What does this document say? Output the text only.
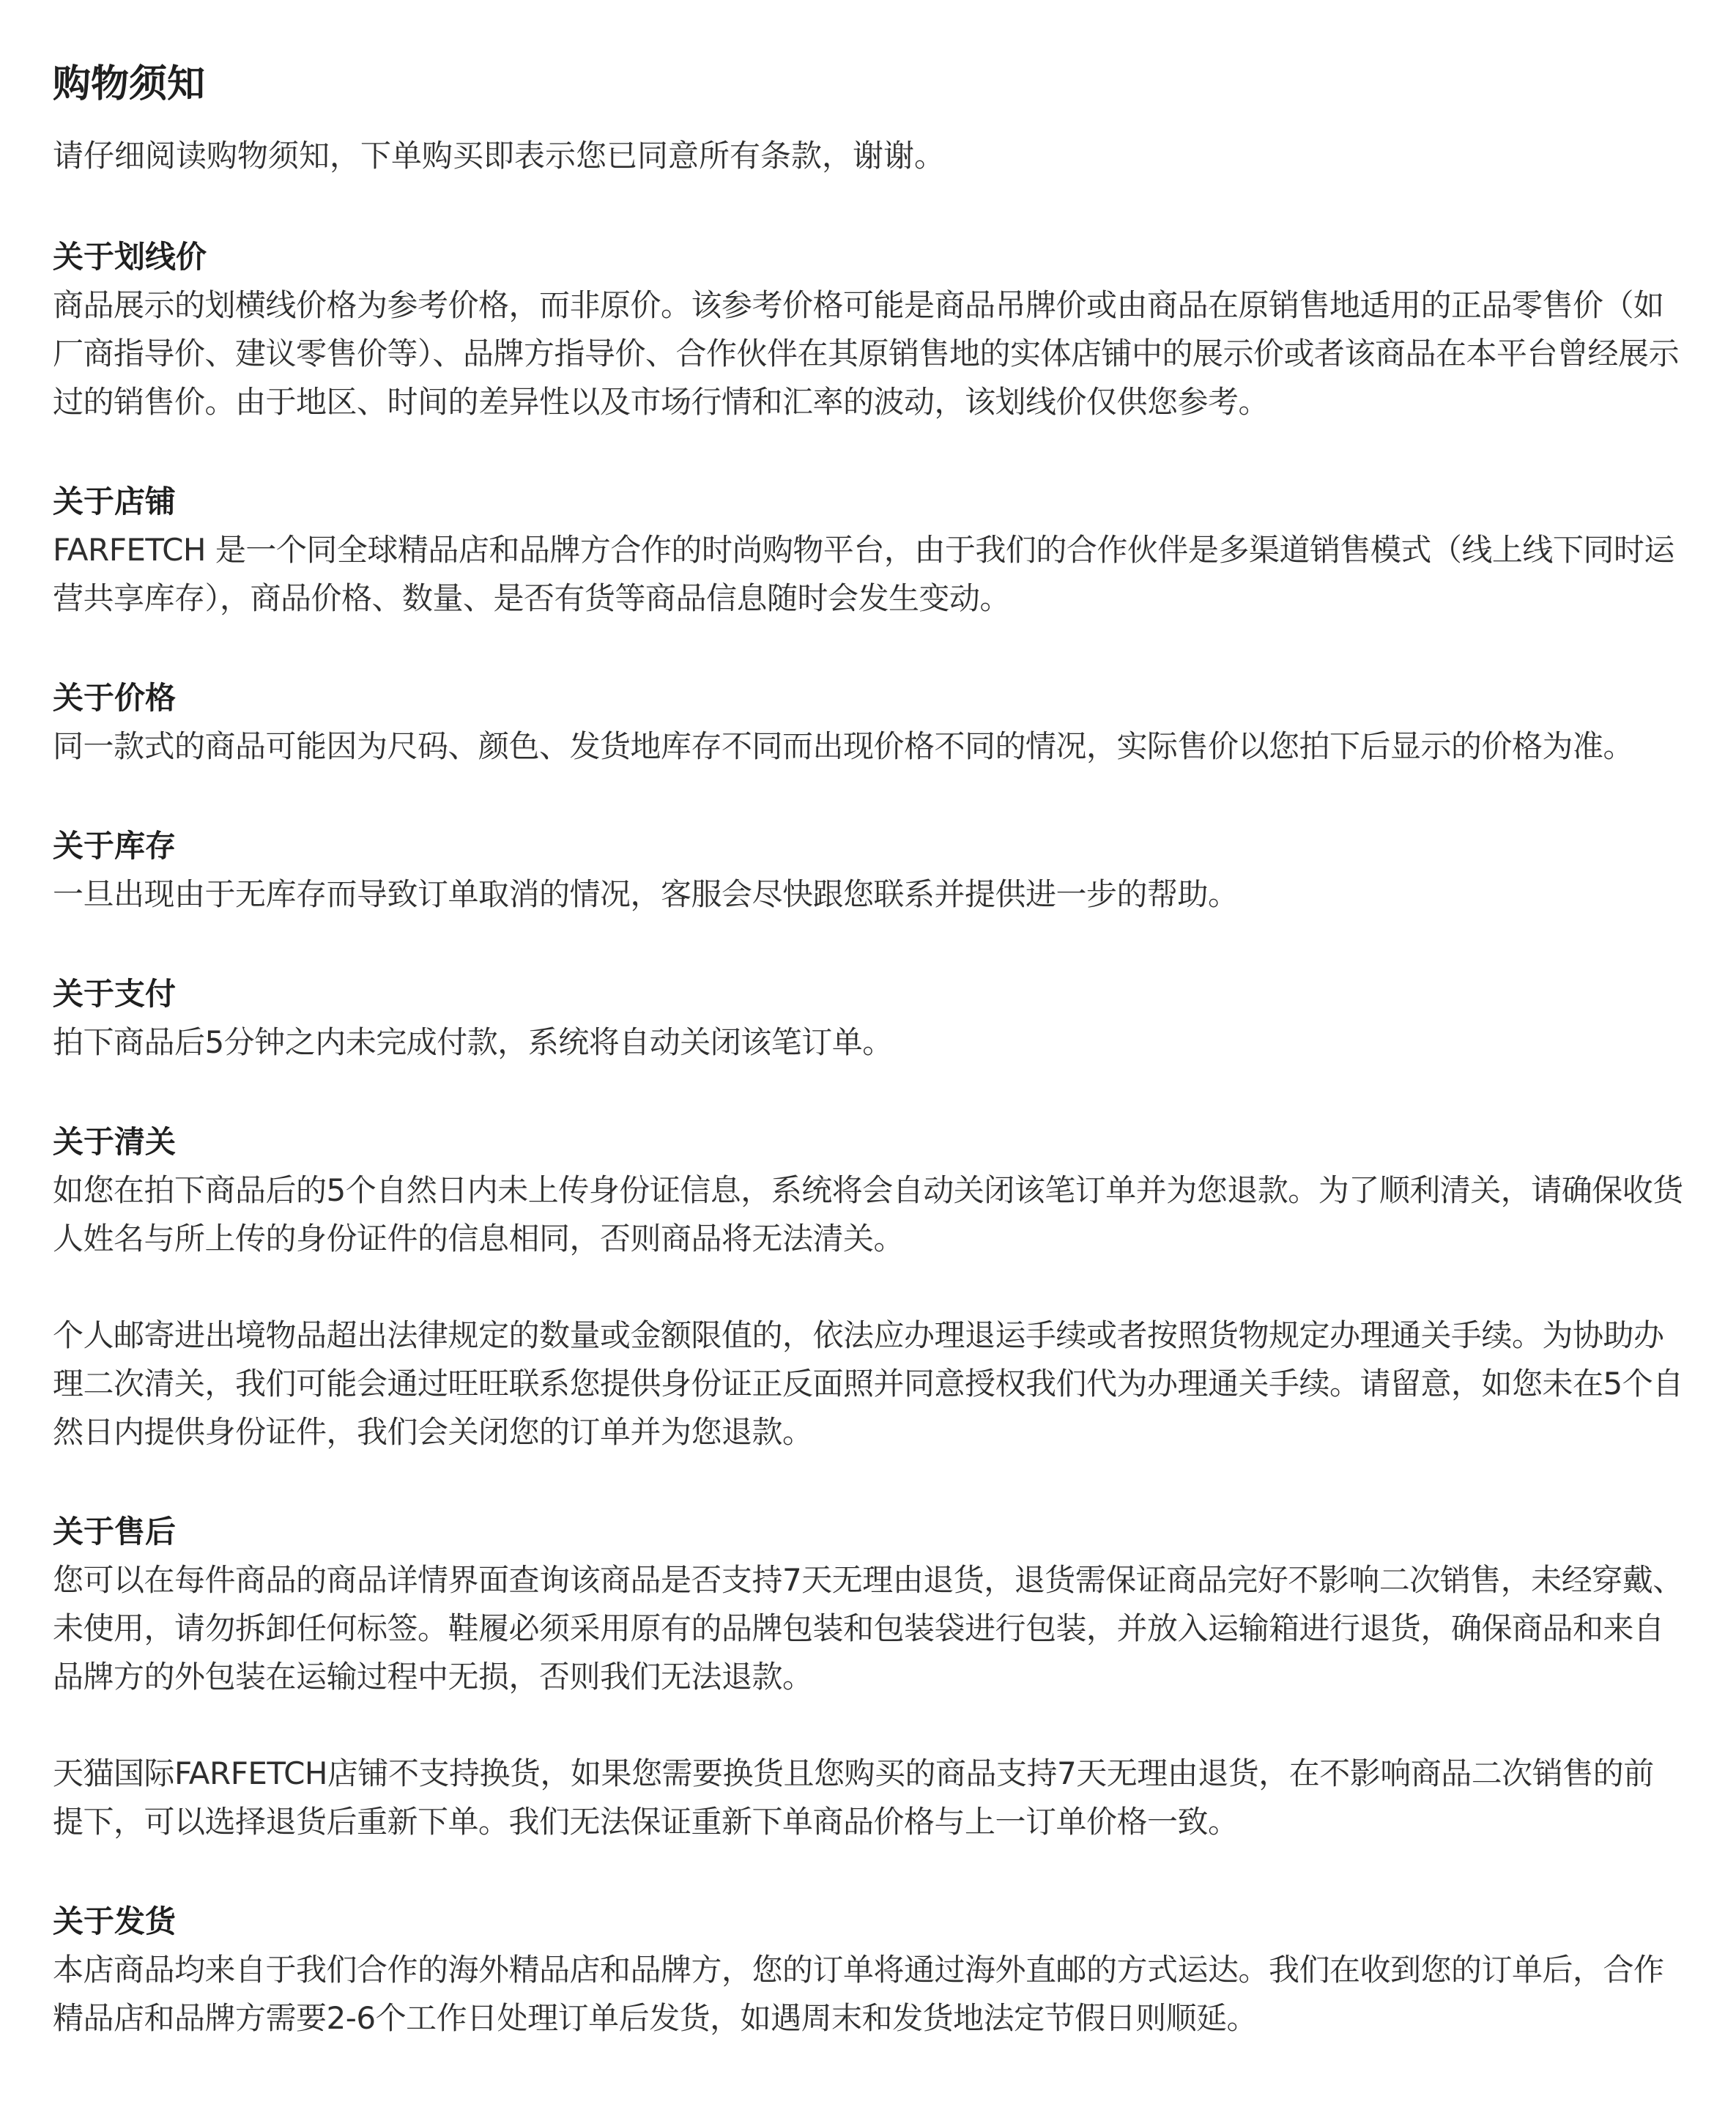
购物须知

请仔细阅读购物须知，下单购买即表示您已同意所有条款，谢谢。

关于划线价

商品展示的划横线价格为参考价格，而非原价。该参考价格可能是商品吊牌价或由商品在原销售地适用的正品零售价（如厂商指导价、建议零售价等）、品牌方指导价、合作伙伴在其原销售地的实体店铺中的展示价或者该商品在本平台曾经展示过的销售价。由于地区、时间的差异性以及市场行情和汇率的波动，该划线价仅供您参考。

关于店铺

FARFETCH 是一个同全球精品店和品牌方合作的时尚购物平台，由于我们的合作伙伴是多渠道销售模式（线上线下同时运营共享库存），商品价格、数量、是否有货等商品信息随时会发生变动。

关于价格

同一款式的商品可能因为尺码、颜色、发货地库存不同而出现价格不同的情况，实际售价以您拍下后显示的价格为准。

关于库存

一旦出现由于无库存而导致订单取消的情况，客服会尽快跟您联系并提供进一步的帮助。

关于支付

拍下商品后5分钟之内未完成付款，系统将自动关闭该笔订单。

关于清关

如您在拍下商品后的5个自然日内未上传身份证信息，系统将会自动关闭该笔订单并为您退款。为了顺利清关，请确保收货人姓名与所上传的身份证件的信息相同，否则商品将无法清关。

个人邮寄进出境物品超出法律规定的数量或金额限值的，依法应办理退运手续或者按照货物规定办理通关手续。为协助办理二次清关，我们可能会通过旺旺联系您提供身份证正反面照并同意授权我们代为办理通关手续。请留意，如您未在5个自然日内提供身份证件，我们会关闭您的订单并为您退款。

关于售后

您可以在每件商品的商品详情界面查询该商品是否支持7天无理由退货，退货需保证商品完好不影响二次销售，未经穿戴、未使用，请勿拆卸任何标签。鞋履必须采用原有的品牌包装和包装袋进行包装，并放入运输箱进行退货，确保商品和来自品牌方的外包装在运输过程中无损，否则我们无法退款。

天猫国际FARFETCH店铺不支持换货，如果您需要换货且您购买的商品支持7天无理由退货，在不影响商品二次销售的前提下，可以选择退货后重新下单。我们无法保证重新下单商品价格与上一订单价格一致。

关于发货

本店商品均来自于我们合作的海外精品店和品牌方，您的订单将通过海外直邮的方式运达。我们在收到您的订单后，合作精品店和品牌方需要2-6个工作日处理订单后发货，如遇周末和发货地法定节假日则顺延。
